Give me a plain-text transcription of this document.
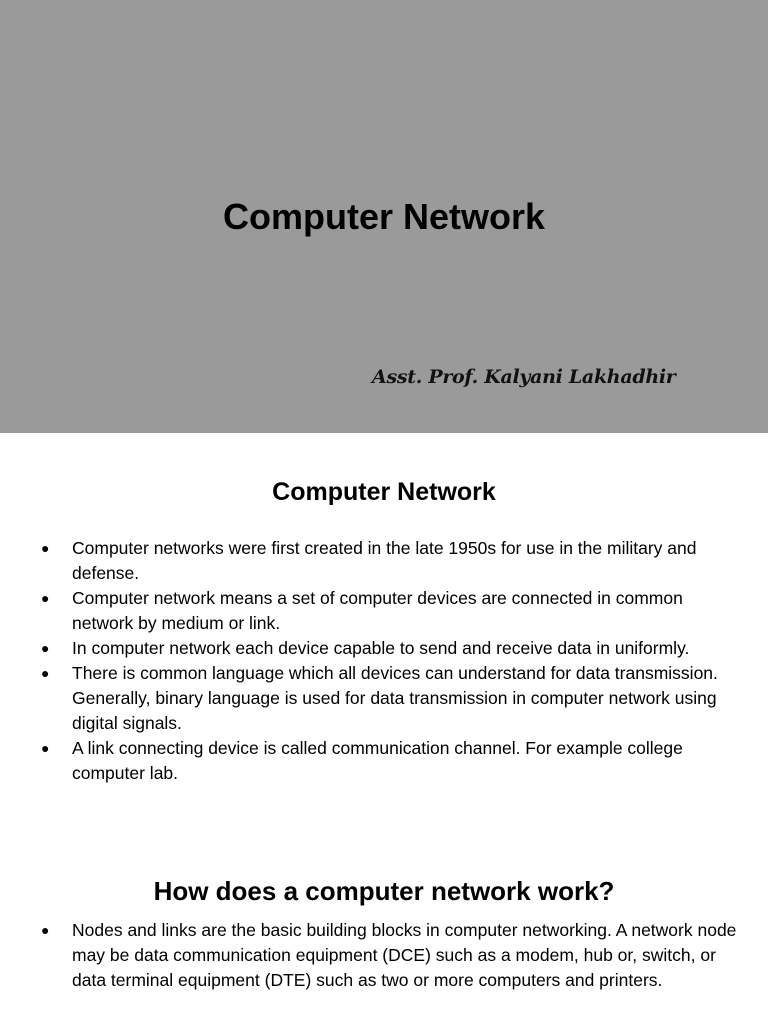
Computer Network
Asst. Prof. Kalyani Lakhadhir
Computer Network
● Computer networks were first created in the late 1950s for use in the military and defense.
● Computer network means a set of computer devices are connected in common network by medium or link.
● In computer network each device capable to send and receive data in uniformly.
● There is common language which all devices can understand for data transmission. Generally, binary language is used for data transmission in computer network using digital signals.
● A link connecting device is called communication channel. For example college computer lab.
How does a computer network work?
● Nodes and links are the basic building blocks in computer networking. A network node may be data communication equipment (DCE) such as a modem, hub or, switch, or data terminal equipment (DTE) such as two or more computers and printers.
